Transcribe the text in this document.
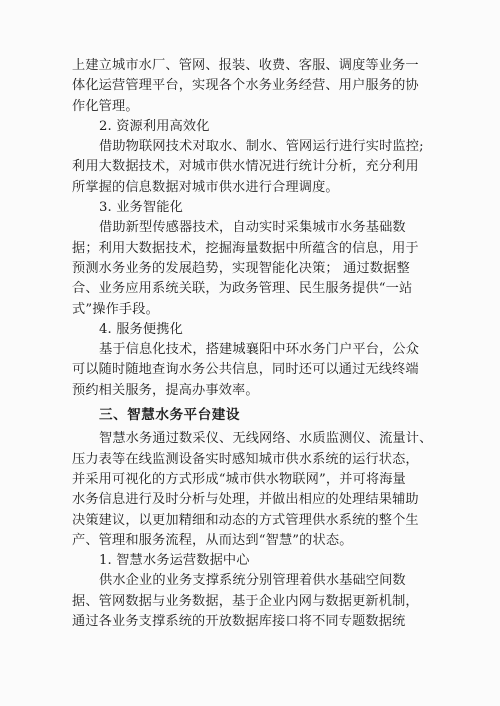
上建立城市水厂、管网、报装、收费、客服、调度等业务一
体化运营管理平台，实现各个水务业务经营、用户服务的协
作化管理。
2. 资源利用高效化
借助物联网技术对取水、制水、管网运行进行实时监控;
利用大数据技术，对城市供水情况进行统计分析，充分利用
所掌握的信息数据对城市供水进行合理调度。
3. 业务智能化
借助新型传感器技术，自动实时采集城市水务基础数
据；利用大数据技术，挖掘海量数据中所蕴含的信息，用于
预测水务业务的发展趋势，实现智能化决策； 通过数据整
合、业务应用系统关联，为政务管理、民生服务提供“一站
式”操作手段。
4. 服务便携化
基于信息化技术，搭建城襄阳中环水务门户平台，公众
可以随时随地查询水务公共信息，同时还可以通过无线终端
预约相关服务，提高办事效率。
三、智慧水务平台建设
智慧水务通过数采仪、无线网络、水质监测仪、流量计、
压力表等在线监测设备实时感知城市供水系统的运行状态，
并采用可视化的方式形成“城市供水物联网”，并可将海量
水务信息进行及时分析与处理，并做出相应的处理结果辅助
决策建议，以更加精细和动态的方式管理供水系统的整个生
产、管理和服务流程，从而达到“智慧”的状态。
1. 智慧水务运营数据中心
供水企业的业务支撑系统分别管理着供水基础空间数
据、管网数据与业务数据，基于企业内网与数据更新机制，
通过各业务支撑系统的开放数据库接口将不同专题数据统
